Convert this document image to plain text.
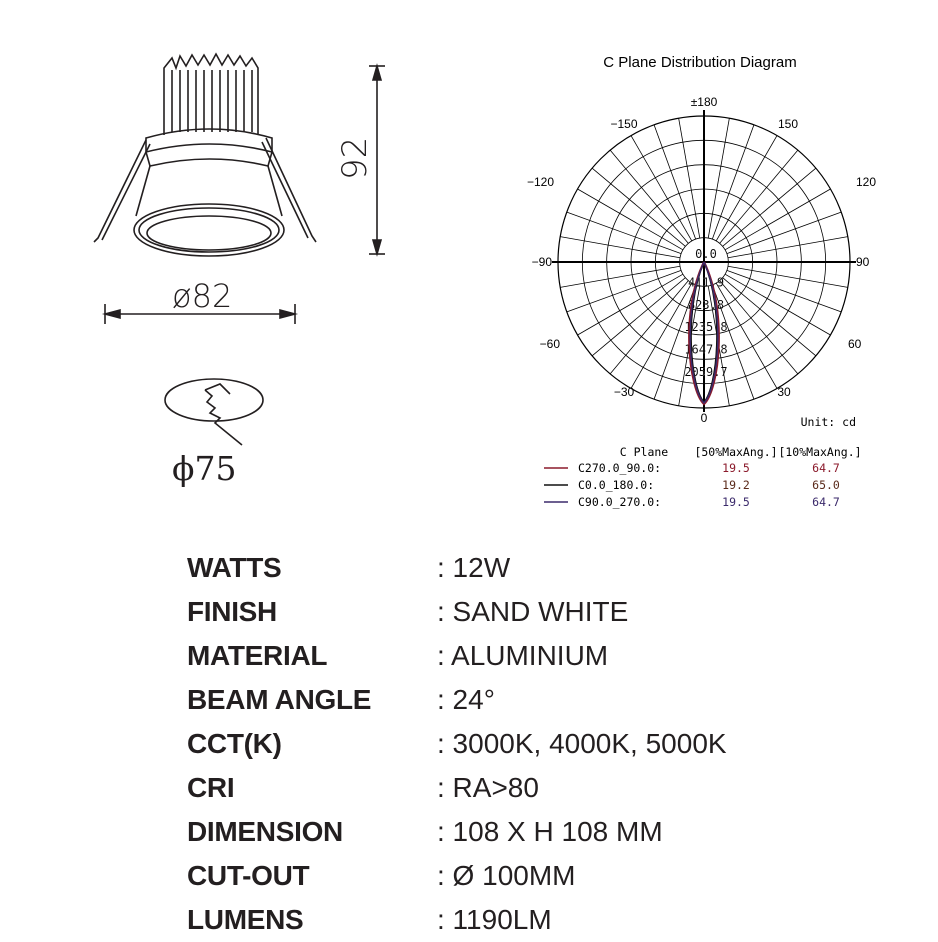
92
ø82
ϕ75
C Plane Distribution Diagram
±180
−150	150
−120	120
−90	90
−60	60
−30	30
0
0.0
411.9
823.8
1235.8
1647.8
2059.7
Unit: cd
C Plane [50%MaxAng.] [10%MaxAng.]
C270.0_90.0:	19.5	64.7
C0.0_180.0:	19.2	65.0
C90.0_270.0:	19.5	64.7
WATTS	: 12W
FINISH	: SAND WHITE
MATERIAL	: ALUMINIUM
BEAM ANGLE : 24°
CCT(K)	: 3000K, 4000K, 5000K
CRI	: RA>80
DIMENSION	: 108 X H 108 MM
CUT-OUT	: Ø 100MM
LUMENS	: 1190LM
